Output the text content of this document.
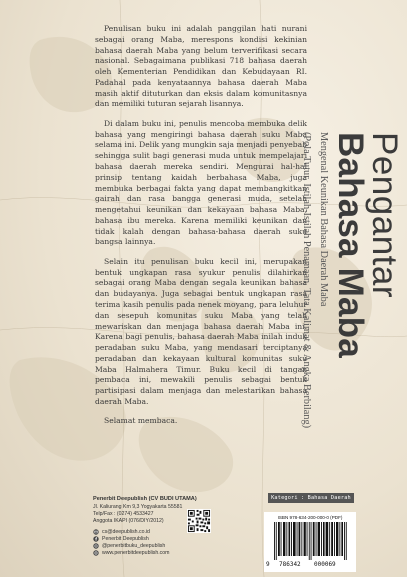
Penulisan buku ini adalah panggilan hati nurani sebagai orang Maba, merespons kondisi kekinian bahasa daerah Maba yang belum terverifikasi secara nasional. Sebagaimana publikasi 718 bahasa daerah oleh Kementerian Pendidikan dan Kebudayaan RI. Padahal pada kenyataannya bahasa daerah Maba masih aktif dituturkan dan eksis dalam komunitasnya dan memiliki tuturan sejarah lisannya.

Di dalam buku ini, penulis mencoba membuka delik bahasa yang mengiringi bahasa daerah suku Maba selama ini. Delik yang mungkin saja menjadi penyebab sehingga sulit bagi generasi muda untuk mempelajari bahasa daerah mereka sendiri. Mengurai hal-hal prinsip tentang kaidah berbahasa Maba, juga membuka berbagai fakta yang dapat membangkitkan gairah dan rasa bangga generasi muda, setelah mengetahui keunikan dan kekayaan bahasa Maba, bahasa ibu mereka. Karena memiliki keunikan dan tidak kalah dengan bahasa-bahasa daerah suku bangsa lainnya.

Selain itu penulisan buku kecil ini, merupakan bentuk ungkapan rasa syukur penulis dilahirkan sebagai orang Maba dengan segala keunikan bahasa dan budayanya. Juga sebagai bentuk ungkapan rasa terima kasih penulis pada nenek moyang, para leluhur dan sesepuh komunitas suku Maba yang telah mewariskan dan menjaga bahasa daerah Maba ini. Karena bagi penulis, bahasa daerah Maba inilah induk peradaban suku Maba, yang mendasari terciptanya peradaban dan kekayaan kultural komunitas suku Maba Halmahera Timur. Buku kecil di tangan pembaca ini, mewakili penulis sebagai bentuk partisipasi dalam menjaga dan melestarikan bahasa daerah Maba.

Selamat membaca.

Pengantar
Bahasa Maba
Mengenal Keunikan Bahasa Daerah Maba
(Pola Tutur, Istilah-Istilah Penamaan, Tata Kalimat & Angka Berbilang)
Penerbit Deepublish (CV BUDI UTAMA)
Jl. Kaliurang Km 9,3 Yogyakarta 55581
Telp/Fax : (0274) 4533427
Anggota IKAPI (076/DIY/2012)
cs@deepublish.co.id
Penerbit Deepublish
@penerbitbuku_deepublish
www.penerbitdeepublish.com
Kategori : Bahasa Daerah
ISBN 978-634-200-000-0 (PDF)
9 786342 000069
